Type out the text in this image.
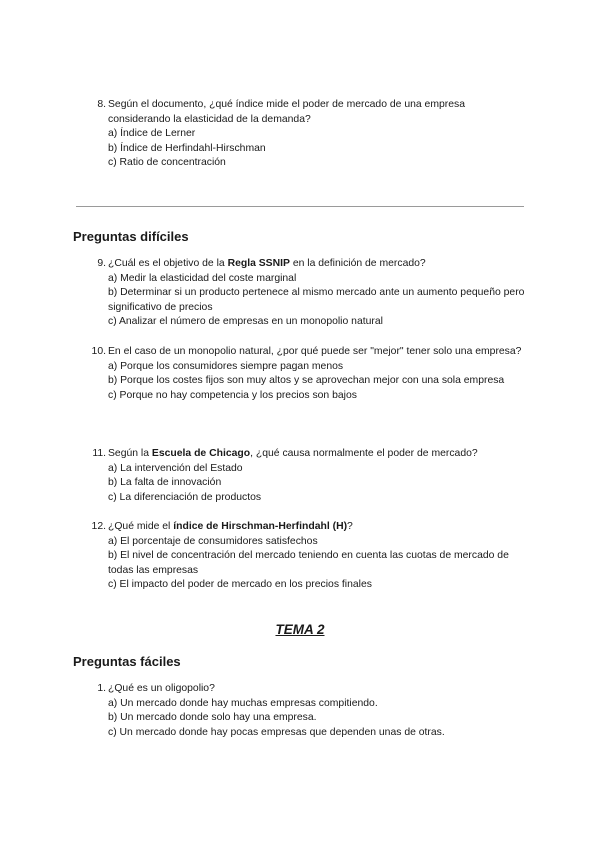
8. Según el documento, ¿qué índice mide el poder de mercado de una empresa considerando la elasticidad de la demanda?
a) Índice de Lerner
b) Índice de Herfindahl-Hirschman
c) Ratio de concentración
Preguntas difíciles
9. ¿Cuál es el objetivo de la Regla SSNIP en la definición de mercado?
a) Medir la elasticidad del coste marginal
b) Determinar si un producto pertenece al mismo mercado ante un aumento pequeño pero significativo de precios
c) Analizar el número de empresas en un monopolio natural
10. En el caso de un monopolio natural, ¿por qué puede ser "mejor" tener solo una empresa?
a) Porque los consumidores siempre pagan menos
b) Porque los costes fijos son muy altos y se aprovechan mejor con una sola empresa
c) Porque no hay competencia y los precios son bajos
11. Según la Escuela de Chicago, ¿qué causa normalmente el poder de mercado?
a) La intervención del Estado
b) La falta de innovación
c) La diferenciación de productos
12. ¿Qué mide el índice de Hirschman-Herfindahl (H)?
a) El porcentaje de consumidores satisfechos
b) El nivel de concentración del mercado teniendo en cuenta las cuotas de mercado de todas las empresas
c) El impacto del poder de mercado en los precios finales
TEMA 2
Preguntas fáciles
1. ¿Qué es un oligopolio?
a) Un mercado donde hay muchas empresas compitiendo.
b) Un mercado donde solo hay una empresa.
c) Un mercado donde hay pocas empresas que dependen unas de otras.
